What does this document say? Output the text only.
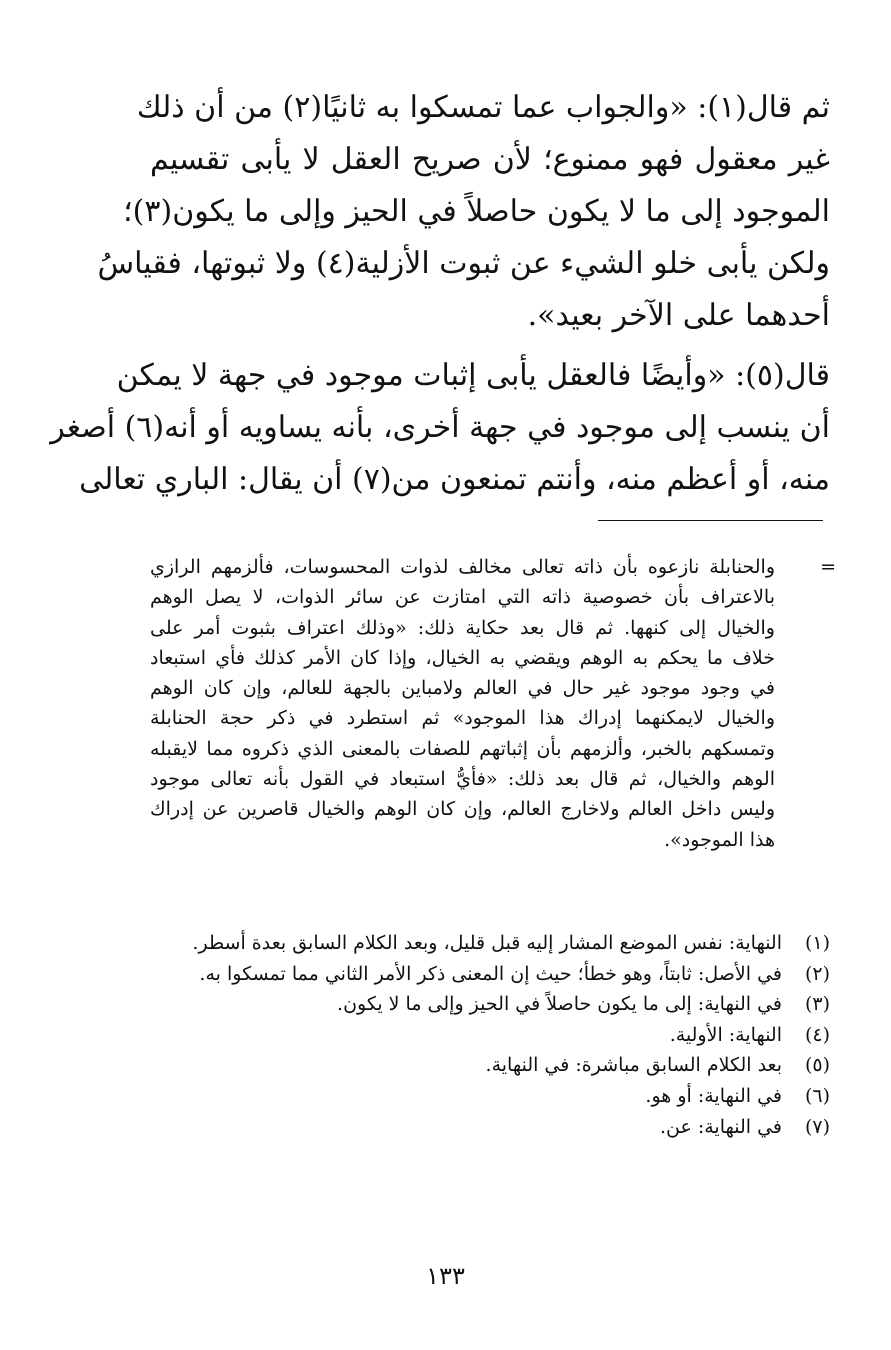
ثم قال(١): «والجواب عما تمسكوا به ثانيًا(٢) من أن ذلك
غير معقول فهو ممنوع؛ لأن صريح العقل لا يأبى تقسيم
الموجود إلى ما لا يكون حاصلاً في الحيز وإلى ما يكون(٣)؛
ولكن يأبى خلو الشيء عن ثبوت الأزلية(٤) ولا ثبوتها، فقياسُ
أحدهما على الآخر بعيد».
قال(٥): «وأيضًا فالعقل يأبى إثبات موجود في جهة لا يمكن
أن ينسب إلى موجود في جهة أخرى، بأنه يساويه أو أنه(٦) أصغر
منه، أو أعظم منه، وأنتم تمنعون من(٧) أن يقال: الباري تعالى
=
والحنابلة نازعوه بأن ذاته تعالى مخالف لذوات المحسوسات، فألزمهم الرازي
بالاعتراف بأن خصوصية ذاته التي امتازت عن سائر الذوات، لا يصل الوهم
والخيال إلى كنهها. ثم قال بعد حكاية ذلك: «وذلك اعتراف بثبوت أمر على
خلاف ما يحكم به الوهم ويقضي به الخيال، وإذا كان الأمر كذلك فأي استبعاد
في وجود موجود غير حال في العالم ولامباين بالجهة للعالم، وإن كان الوهم
والخيال لايمكنهما إدراك هذا الموجود» ثم استطرد في ذكر حجة الحنابلة
وتمسكهم بالخبر، وألزمهم بأن إثباتهم للصفات بالمعنى الذي ذكروه مما لايقبله
الوهم والخيال، ثم قال بعد ذلك: «فأيُّ استبعاد في القول بأنه تعالى موجود
وليس داخل العالم ولاخارج العالم، وإن كان الوهم والخيال قاصرين عن إدراك
هذا الموجود».
(١)النهاية: نفس الموضع المشار إليه قبل قليل، وبعد الكلام السابق بعدة أسطر.
(٢)في الأصل: ثابتاً، وهو خطأ؛ حيث إن المعنى ذكر الأمر الثاني مما تمسكوا به.
(٣)في النهاية: إلى ما يكون حاصلاً في الحيز وإلى ما لا يكون.
(٤)النهاية: الأولية.
(٥)بعد الكلام السابق مباشرة: في النهاية.
(٦)في النهاية: أو هو.
(٧)في النهاية: عن.
١٣٣
